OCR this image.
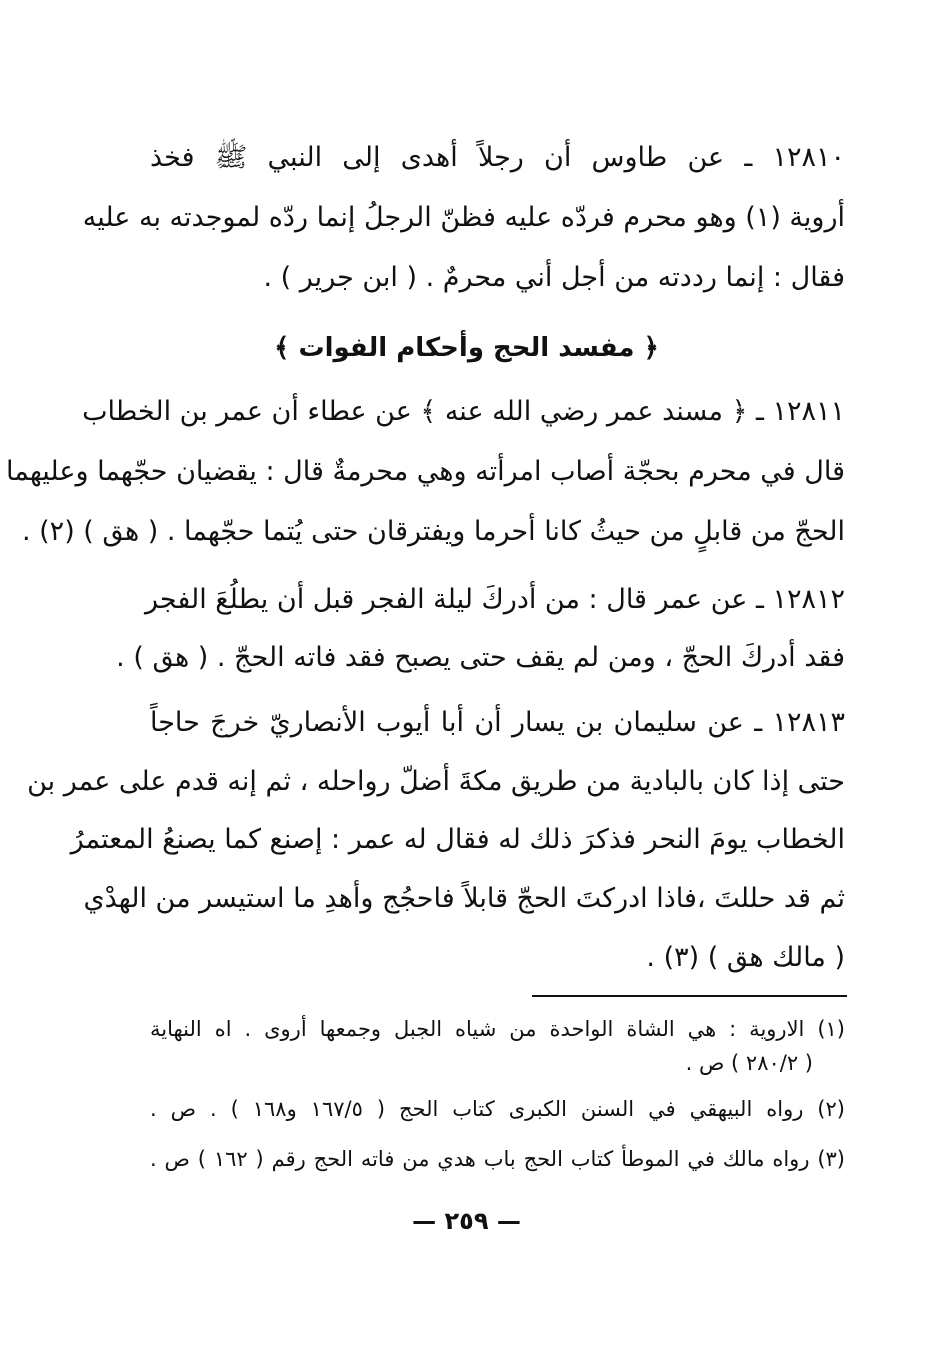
١٢٨١٠ ـ عن طاوس أن رجلاً أهدى إلى النبي ﷺ فخذ
أروية (١) وهو محرم فردّه عليه فظنّ الرجلُ إنما ردّه لموجدته به عليه
فقال : إنما رددته من أجل أني محرمٌ . ( ابن جرير ) .
﴿ مفسد الحج وأحكام الفوات ﴾
١٢٨١١ ـ ﴿ مسند عمر رضي الله عنه ﴾ عن عطاء أن عمر بن الخطاب
قال في محرم بحجّة أصاب امرأته وهي محرمةٌ قال : يقضيان حجّهما وعليهما
الحجّ من قابلٍ من حيثُ كانا أحرما ويفترقان حتى يُتما حجّهما . ( هق ) (٢) .
١٢٨١٢ ـ عن عمر قال : من أدركَ ليلة الفجر قبل أن يطلُعَ الفجر
فقد أدركَ الحجّ ، ومن لم يقف حتى يصبح فقد فاته الحجّ . ( هق ) .
١٢٨١٣ ـ عن سليمان بن يسار أن أبا أيوب الأنصاريّ خرجَ حاجاً
حتى إذا كان بالبادية من طريق مكةَ أضلّ رواحله ، ثم إنه قدم على عمر بن
الخطاب يومَ النحر فذكرَ ذلك له فقال له عمر : إصنع كما يصنعُ المعتمرُ
ثم قد حللتَ ،فاذا ادركتَ الحجّ قابلاً فاحجُج وأهدِ ما استيسر من الهدْي
( مالك هق ) (٣) .
(١) الاروية : هي الشاة الواحدة من شياه الجبل وجمعها أروى . اه النهاية
( ٢٨٠/٢ ) ص .
(٢) رواه البيهقي في السنن الكبرى كتاب الحج ( ١٦٧/٥ و١٦٨ ) . ص .
(٣) رواه مالك في الموطأ كتاب الحج باب هدي من فاته الحج رقم ( ١٦٢ ) ص .
— ٢٥٩ —
